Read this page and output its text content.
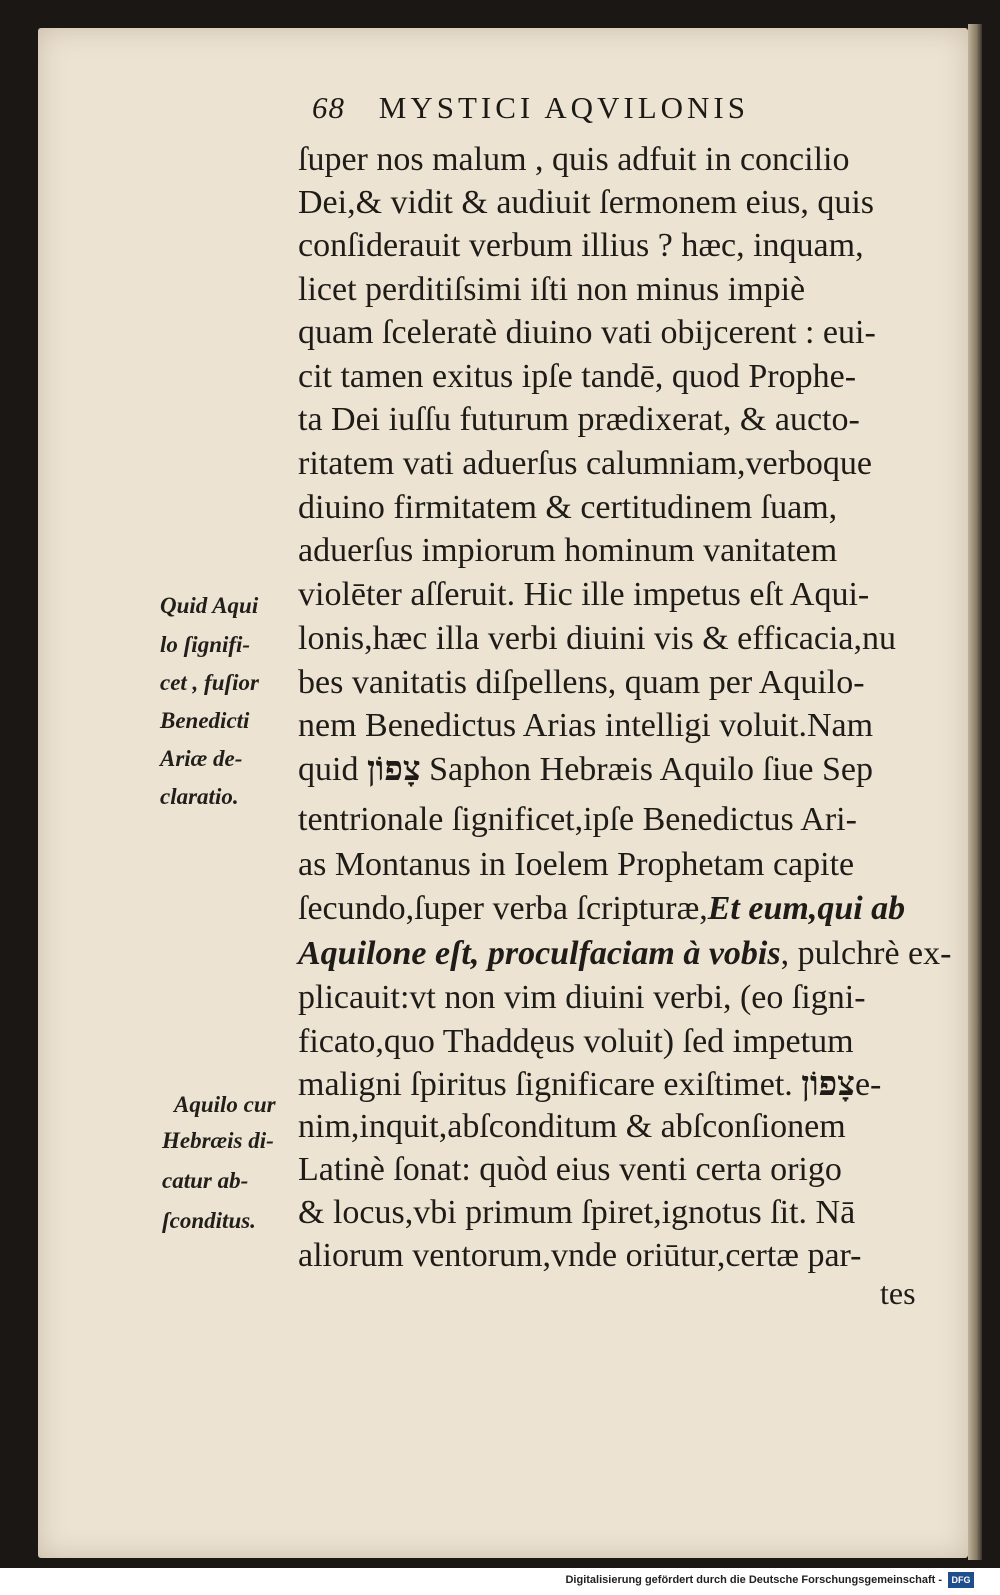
68 MYSTICI AQVILONIS
ſuper nos malum , quis adfuit in concilio
Dei,& vidit & audiuit ſermonem eius, quis
conſiderauit verbum illius ? hæc, inquam,
licet perditiſsimi iſti non minus impiè
quam ſceleratè diuino vati obijcerent : eui-
cit tamen exitus ipſe tandē, quod Prophe-
ta Dei iuſſu futurum prædixerat, & aucto-
ritatem vati aduerſus calumniam,verboque
diuino firmitatem & certitudinem ſuam,
aduerſus impiorum hominum vanitatem
violēter aſſeruit. Hic ille impetus eſt Aqui-
lonis,hæc illa verbi diuini vis & efficacia,nu
bes vanitatis diſpellens, quam per Aquilo-
nem Benedictus Arias intelligi voluit.Nam
quid צָפוֹן Saphon Hebræis Aquilo ſiue Sep
tentrionale ſignificet,ipſe Benedictus Ari-
as Montanus in Ioelem Prophetam capite
ſecundo,ſuper verba ſcripturæ,Et eum,qui ab
Aquilone eſt, proculfaciam à vobis, pulchrè ex-
plicauit:vt non vim diuini verbi, (eo ſigni-
ficato,quo Thaddęus voluit) ſed impetum
maligni ſpiritus ſignificare exiſtimet. צָפוֹןe-
nim,inquit,abſconditum & abſconſionem
Latinè ſonat: quòd eius venti certa origo
& locus,vbi primum ſpiret,ignotus ſit. Nā
aliorum ventorum,vnde oriūtur,certæ par-
tes
Quid Aqui
lo ſignifi-
cet , fuſior
Benedicti
Ariæ de-
claratio.
Aquilo cur
Hebræis di-
catur ab-
ſconditus.
Digitalisierung gefördert durch die Deutsche Forschungsgemeinschaft -	DFG
